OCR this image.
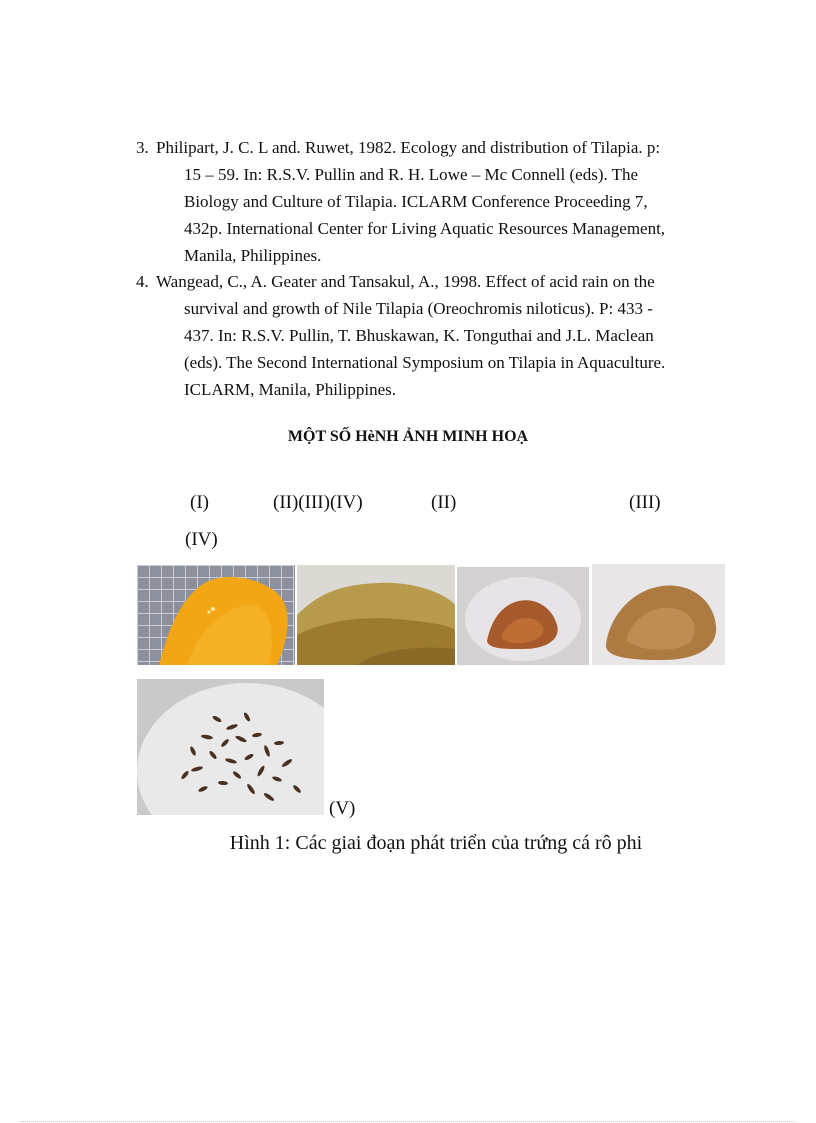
3. Philipart, J. C. L and. Ruwet, 1982. Ecology and distribution of Tilapia. p:
15 – 59. In: R.S.V. Pullin and R. H. Lowe – Mc Connell (eds). The
Biology and Culture of Tilapia. ICLARM Conference Proceeding 7,
432p. International Center for Living Aquatic Resources Management,
Manila, Philippines.
4. Wangead, C., A. Geater and Tansakul, A., 1998. Effect of acid rain on the
survival and growth of Nile Tilapia (Oreochromis niloticus). P: 433 -
437. In: R.S.V. Pullin, T. Bhuskawan, K. Tonguthai and J.L. Maclean
(eds). The Second International Symposium on Tilapia in Aquaculture.
ICLARM, Manila, Philippines.
MỘT SỐ HèNH ẢNH MINH HOẠ
(I)	(II)(III)(IV)	(II)	(III)
(IV)
(V)
Hình 1: Các giai đoạn phát triển của trứng cá rô phi
